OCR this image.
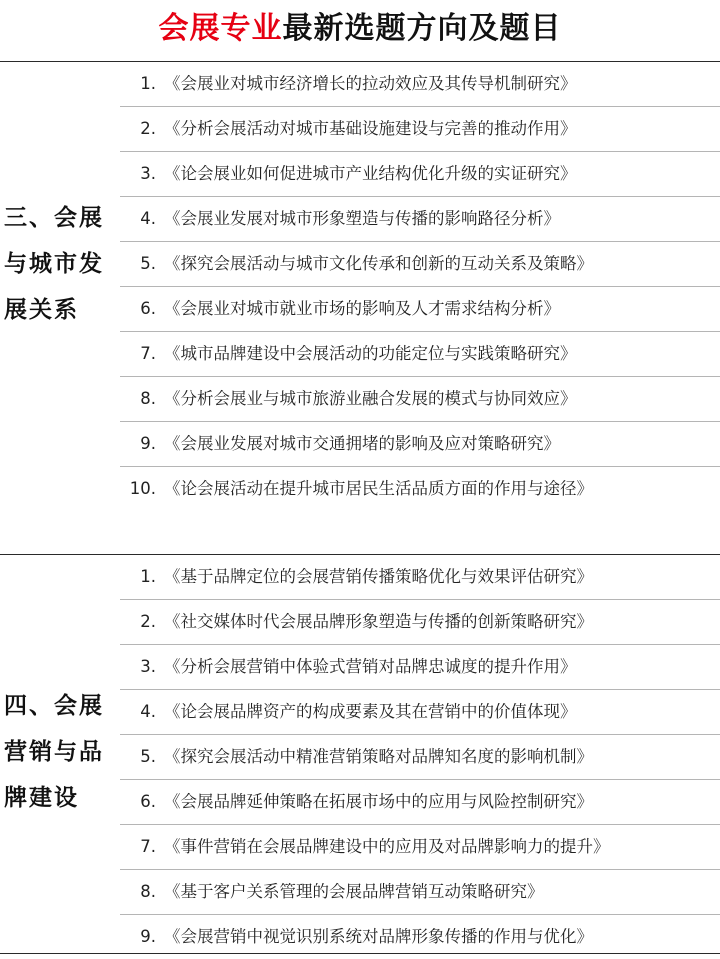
会展专业最新选题方向及题目
三、会展
与城市发
展关系
1. 《会展业对城市经济增长的拉动效应及其传导机制研究》
2. 《分析会展活动对城市基础设施建设与完善的推动作用》
3. 《论会展业如何促进城市产业结构优化升级的实证研究》
4. 《会展业发展对城市形象塑造与传播的影响路径分析》
5. 《探究会展活动与城市文化传承和创新的互动关系及策略》
6. 《会展业对城市就业市场的影响及人才需求结构分析》
7. 《城市品牌建设中会展活动的功能定位与实践策略研究》
8. 《分析会展业与城市旅游业融合发展的模式与协同效应》
9. 《会展业发展对城市交通拥堵的影响及应对策略研究》
10. 《论会展活动在提升城市居民生活品质方面的作用与途径》
四、会展
营销与品
牌建设
1. 《基于品牌定位的会展营销传播策略优化与效果评估研究》
2. 《社交媒体时代会展品牌形象塑造与传播的创新策略研究》
3. 《分析会展营销中体验式营销对品牌忠诚度的提升作用》
4. 《论会展品牌资产的构成要素及其在营销中的价值体现》
5. 《探究会展活动中精准营销策略对品牌知名度的影响机制》
6. 《会展品牌延伸策略在拓展市场中的应用与风险控制研究》
7. 《事件营销在会展品牌建设中的应用及对品牌影响力的提升》
8. 《基于客户关系管理的会展品牌营销互动策略研究》
9. 《会展营销中视觉识别系统对品牌形象传播的作用与优化》
